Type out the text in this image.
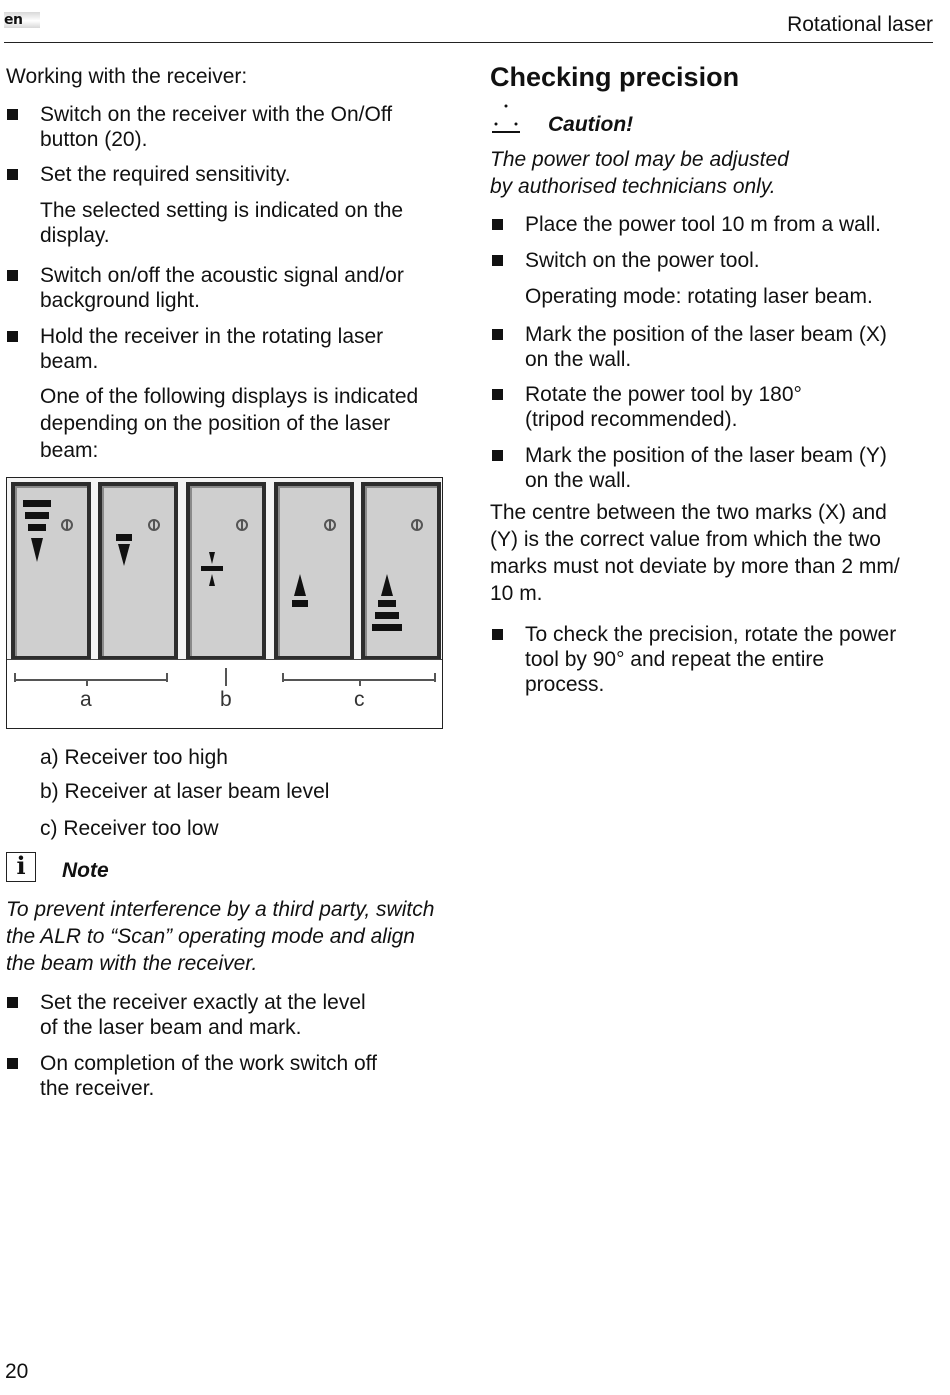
en	Rotational laser
Working with the receiver:
Switch on the receiver with the On/Off
button (20).
Set the required sensitivity.
The selected setting is indicated on the
display.
Switch on/off the acoustic signal and/or
background light.
Hold the receiver in the rotating laser
beam.
One of the following displays is indicated
depending on the position of the laser
beam:
a	b	c
a) Receiver too high
b) Receiver at laser beam level
c) Receiver too low
i	Note
To prevent interference by a third party, switch
the ALR to “Scan” operating mode and align
the beam with the receiver.
Set the receiver exactly at the level
of the laser beam and mark.
On completion of the work switch off
the receiver.
Checking precision
Caution!
The power tool may be adjusted
by authorised technicians only.
Place the power tool 10 m from a wall.
Switch on the power tool.
Operating mode: rotating laser beam.
Mark the position of the laser beam (X)
on the wall.
Rotate the power tool by 180°
(tripod recommended).
Mark the position of the laser beam (Y)
on the wall.
The centre between the two marks (X) and
(Y) is the correct value from which the two
marks must not deviate by more than 2 mm/
10 m.
To check the precision, rotate the power
tool by 90° and repeat the entire
process.
20
